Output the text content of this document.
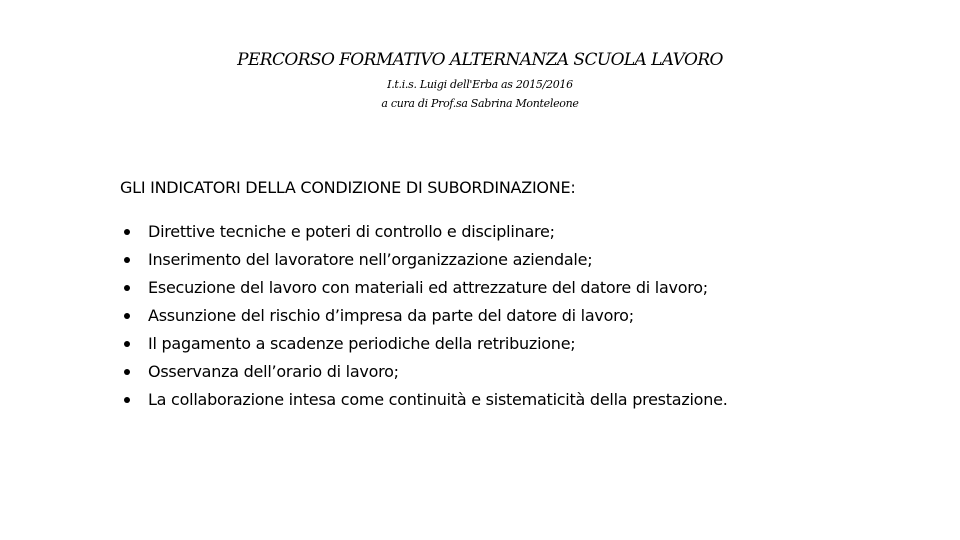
PERCORSO FORMATIVO ALTERNANZA SCUOLA LAVORO
I.t.i.s. Luigi dell'Erba as 2015/2016
a cura di Prof.sa Sabrina Monteleone
GLI INDICATORI DELLA CONDIZIONE DI SUBORDINAZIONE:
Direttive tecniche e poteri di controllo e disciplinare;
Inserimento del lavoratore nell’organizzazione aziendale;
Esecuzione del lavoro con materiali ed attrezzature del datore di lavoro;
Assunzione del rischio d’impresa da parte del datore di lavoro;
Il pagamento a scadenze periodiche della retribuzione;
Osservanza dell’orario di lavoro;
La collaborazione intesa come continuità e sistematicità della prestazione.
